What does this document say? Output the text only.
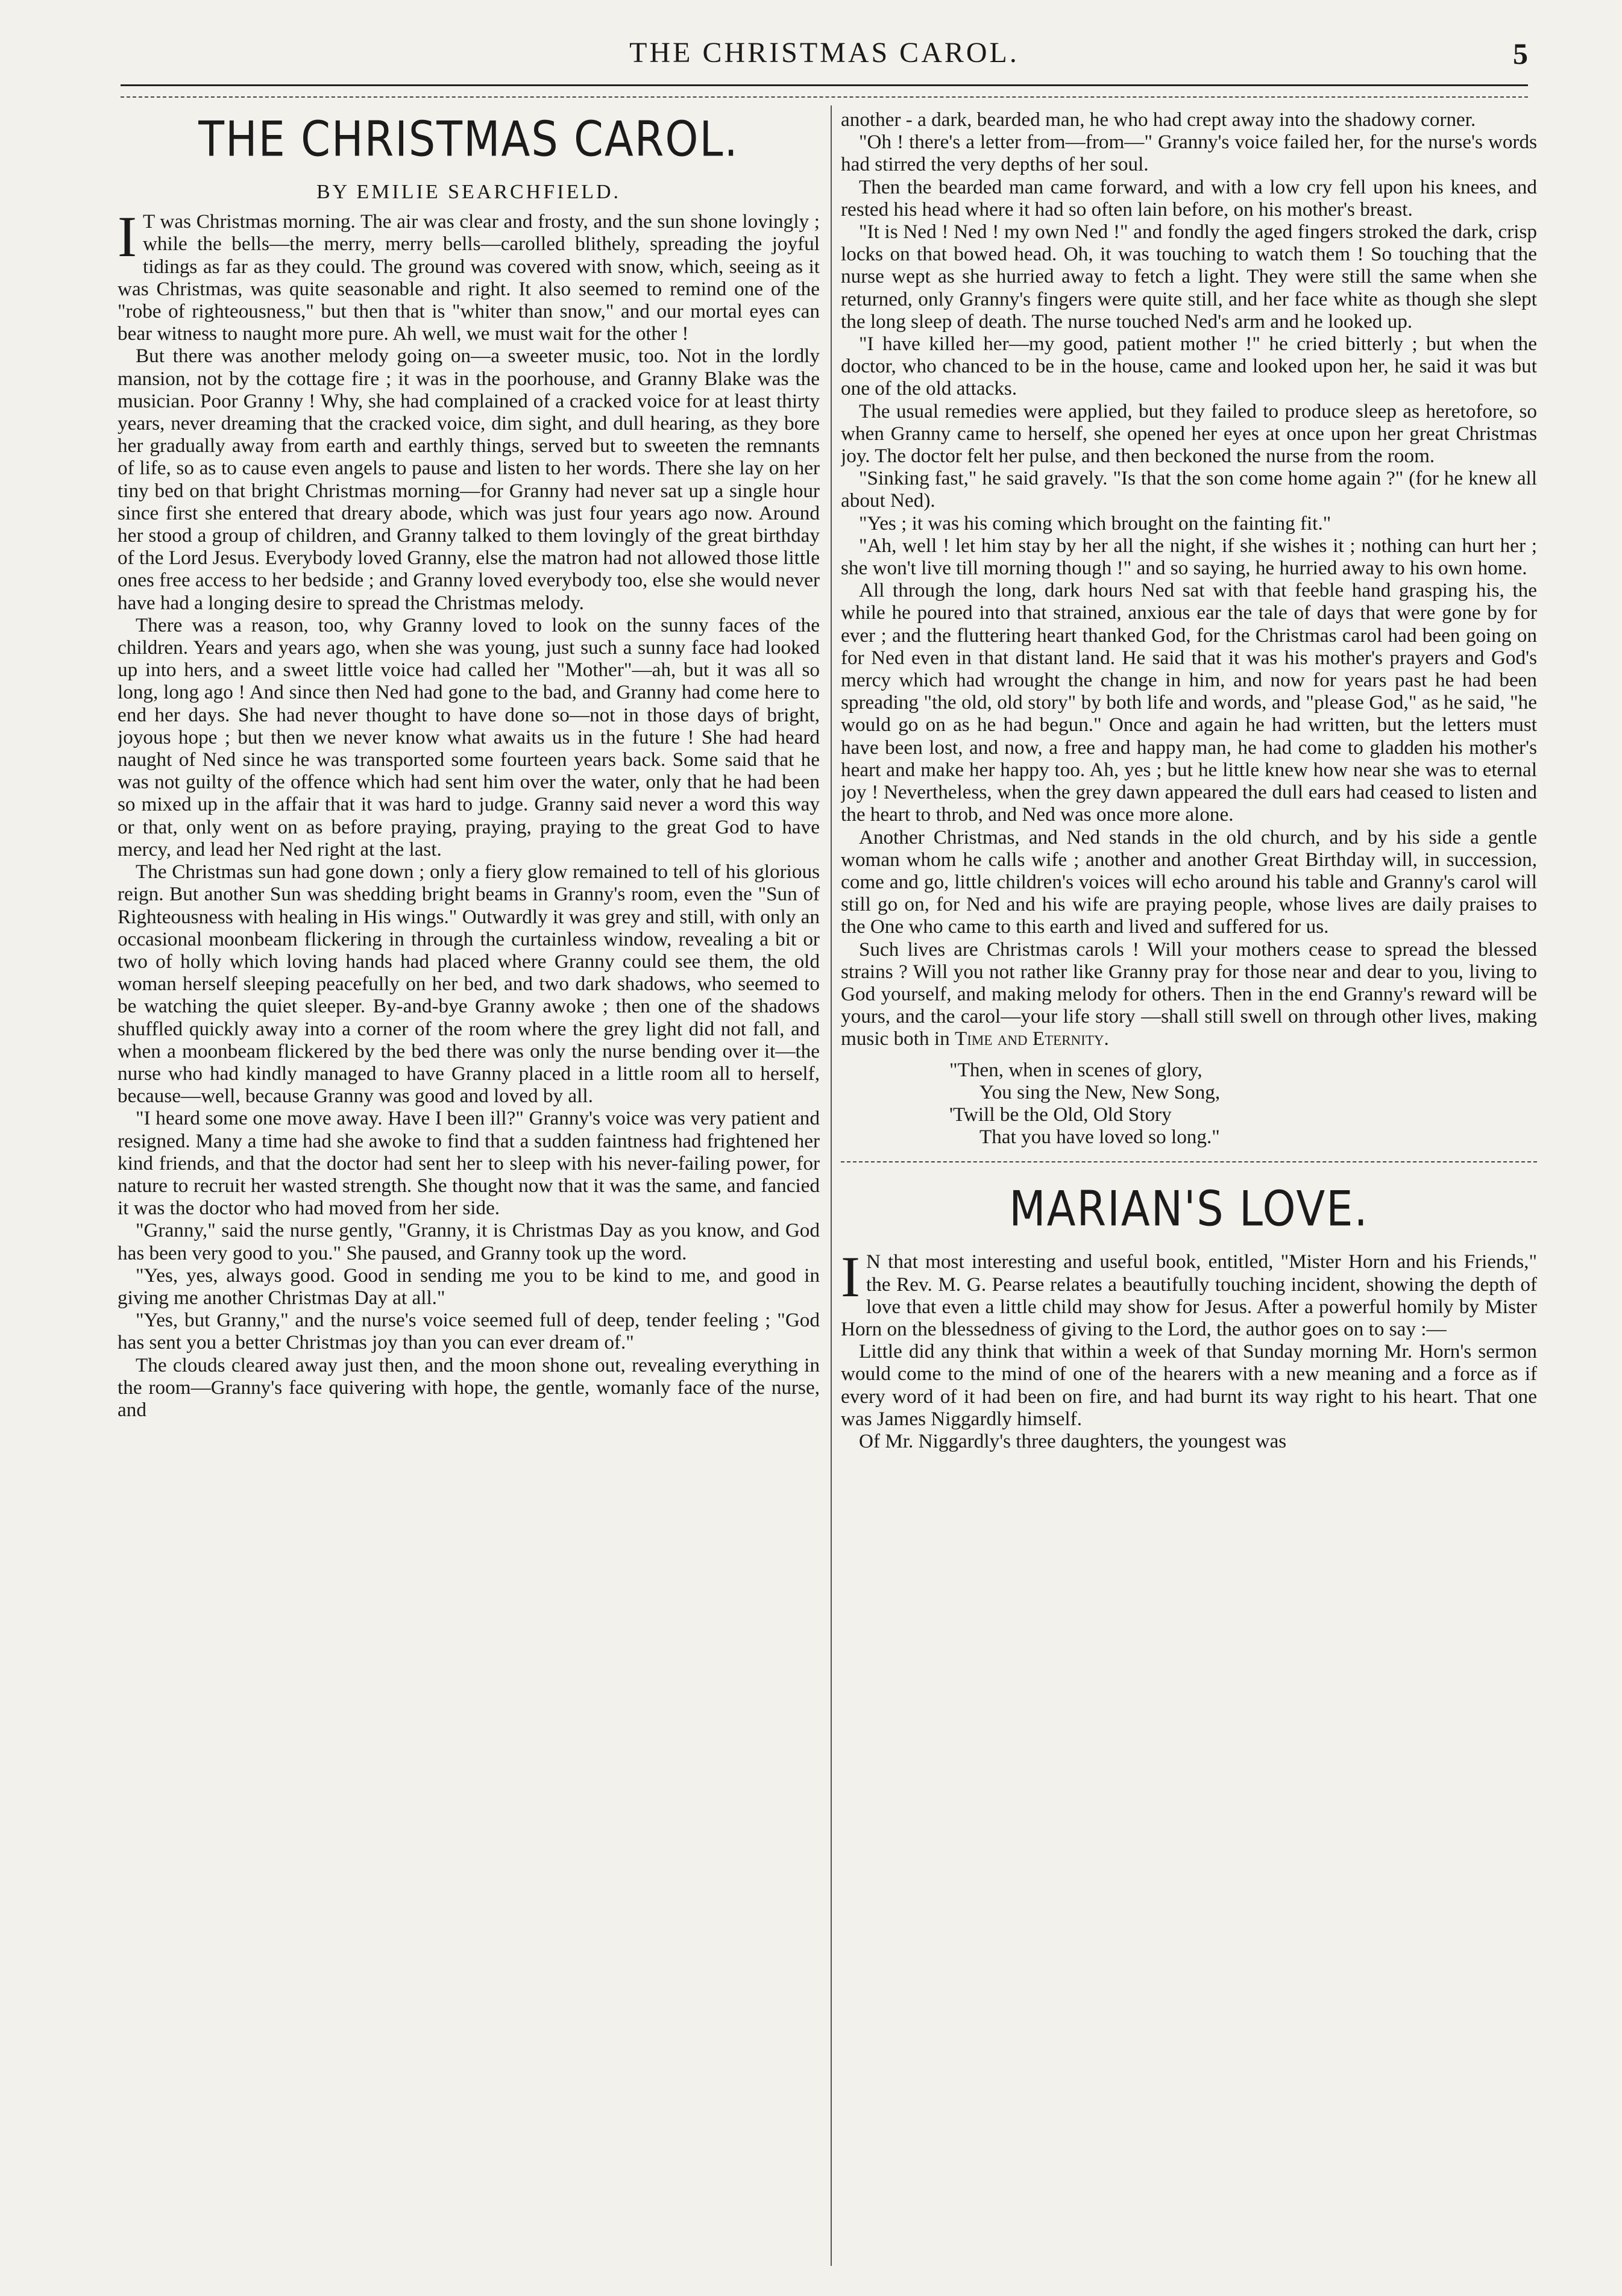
THE CHRISTMAS CAROL.	5
THE CHRISTMAS CAROL.
BY EMILIE SEARCHFIELD.

I T was Christmas morning. The air was clear and frosty, and the sun shone lovingly ; while the bells—the merry, merry bells—carolled blithely, spreading the joyful tidings as far as they could. The ground was covered with snow, which, seeing as it was Christmas, was quite seasonable and right. It also seemed to remind one of the "robe of righteousness," but then that is "whiter than snow," and our mortal eyes can bear witness to naught more pure. Ah well, we must wait for the other !

But there was another melody going on—a sweeter music, too. Not in the lordly mansion, not by the cottage fire ; it was in the poorhouse, and Granny Blake was the musician. Poor Granny ! Why, she had complained of a cracked voice for at least thirty years, never dreaming that the cracked voice, dim sight, and dull hearing, as they bore her gradually away from earth and earthly things, served but to sweeten the remnants of life, so as to cause even angels to pause and listen to her words. There she lay on her tiny bed on that bright Christmas morning—for Granny had never sat up a single hour since first she entered that dreary abode, which was just four years ago now. Around her stood a group of children, and Granny talked to them lovingly of the great birthday of the Lord Jesus. Everybody loved Granny, else the matron had not allowed those little ones free access to her bedside ; and Granny loved everybody too, else she would never have had a longing desire to spread the Christmas melody.

There was a reason, too, why Granny loved to look on the sunny faces of the children. Years and years ago, when she was young, just such a sunny face had looked up into hers, and a sweet little voice had called her "Mother"—ah, but it was all so long, long ago ! And since then Ned had gone to the bad, and Granny had come here to end her days. She had never thought to have done so—not in those days of bright, joyous hope ; but then we never know what awaits us in the future ! She had heard naught of Ned since he was transported some fourteen years back. Some said that he was not guilty of the offence which had sent him over the water, only that he had been so mixed up in the affair that it was hard to judge. Granny said never a word this way or that, only went on as before praying, praying, praying to the great God to have mercy, and lead her Ned right at the last.

The Christmas sun had gone down ; only a fiery glow remained to tell of his glorious reign. But another Sun was shedding bright beams in Granny's room, even the "Sun of Righteousness with healing in His wings." Outwardly it was grey and still, with only an occasional moonbeam flickering in through the curtainless window, revealing a bit or two of holly which loving hands had placed where Granny could see them, the old woman herself sleeping peacefully on her bed, and two dark shadows, who seemed to be watching the quiet sleeper. By-and-bye Granny awoke ; then one of the shadows shuffled quickly away into a corner of the room where the grey light did not fall, and when a moonbeam flickered by the bed there was only the nurse bending over it—the nurse who had kindly managed to have Granny placed in a little room all to herself, because—well, because Granny was good and loved by all.

"I heard some one move away. Have I been ill?" Granny's voice was very patient and resigned. Many a time had she awoke to find that a sudden faintness had frightened her kind friends, and that the doctor had sent her to sleep with his never-failing power, for nature to recruit her wasted strength. She thought now that it was the same, and fancied it was the doctor who had moved from her side.

"Granny," said the nurse gently, "Granny, it is Christmas Day as you know, and God has been very good to you." She paused, and Granny took up the word.

"Yes, yes, always good. Good in sending me you to be kind to me, and good in giving me another Christmas Day at all."

"Yes, but Granny," and the nurse's voice seemed full of deep, tender feeling ; "God has sent you a better Christmas joy than you can ever dream of."

The clouds cleared away just then, and the moon shone out, revealing everything in the room—Granny's face quivering with hope, the gentle, womanly face of the nurse, and

another - a dark, bearded man, he who had crept away into the shadowy corner.

"Oh ! there's a letter from—from—" Granny's voice failed her, for the nurse's words had stirred the very depths of her soul.

Then the bearded man came forward, and with a low cry fell upon his knees, and rested his head where it had so often lain before, on his mother's breast.

"It is Ned ! Ned ! my own Ned !" and fondly the aged fingers stroked the dark, crisp locks on that bowed head. Oh, it was touching to watch them ! So touching that the nurse wept as she hurried away to fetch a light. They were still the same when she returned, only Granny's fingers were quite still, and her face white as though she slept the long sleep of death. The nurse touched Ned's arm and he looked up.

"I have killed her—my good, patient mother !" he cried bitterly ; but when the doctor, who chanced to be in the house, came and looked upon her, he said it was but one of the old attacks.

The usual remedies were applied, but they failed to produce sleep as heretofore, so when Granny came to herself, she opened her eyes at once upon her great Christmas joy. The doctor felt her pulse, and then beckoned the nurse from the room.

"Sinking fast," he said gravely. "Is that the son come home again ?" (for he knew all about Ned).

"Yes ; it was his coming which brought on the fainting fit."

"Ah, well ! let him stay by her all the night, if she wishes it ; nothing can hurt her ; she won't live till morning though !" and so saying, he hurried away to his own home.

All through the long, dark hours Ned sat with that feeble hand grasping his, the while he poured into that strained, anxious ear the tale of days that were gone by for ever ; and the fluttering heart thanked God, for the Christmas carol had been going on for Ned even in that distant land. He said that it was his mother's prayers and God's mercy which had wrought the change in him, and now for years past he had been spreading "the old, old story" by both life and words, and "please God," as he said, "he would go on as he had begun." Once and again he had written, but the letters must have been lost, and now, a free and happy man, he had come to gladden his mother's heart and make her happy too. Ah, yes ; but he little knew how near she was to eternal joy ! Nevertheless, when the grey dawn appeared the dull ears had ceased to listen and the heart to throb, and Ned was once more alone.

Another Christmas, and Ned stands in the old church, and by his side a gentle woman whom he calls wife ; another and another Great Birthday will, in succession, come and go, little children's voices will echo around his table and Granny's carol will still go on, for Ned and his wife are praying people, whose lives are daily praises to the One who came to this earth and lived and suffered for us.

Such lives are Christmas carols ! Will your mothers cease to spread the blessed strains ? Will you not rather like Granny pray for those near and dear to you, living to God yourself, and making melody for others. Then in the end Granny's reward will be yours, and the carol—your life story —shall still swell on through other lives, making music both in Time and Eternity.

"Then, when in scenes of glory,
You sing the New, New Song,
'Twill be the Old, Old Story
That you have loved so long."
MARIAN'S LOVE.

I N that most interesting and useful book, entitled, "Mister Horn and his Friends," the Rev. M. G. Pearse relates a beautifully touching incident, showing the depth of love that even a little child may show for Jesus. After a powerful homily by Mister Horn on the blessedness of giving to the Lord, the author goes on to say :—

Little did any think that within a week of that Sunday morning Mr. Horn's sermon would come to the mind of one of the hearers with a new meaning and a force as if every word of it had been on fire, and had burnt its way right to his heart. That one was James Niggardly himself.

Of Mr. Niggardly's three daughters, the youngest was
